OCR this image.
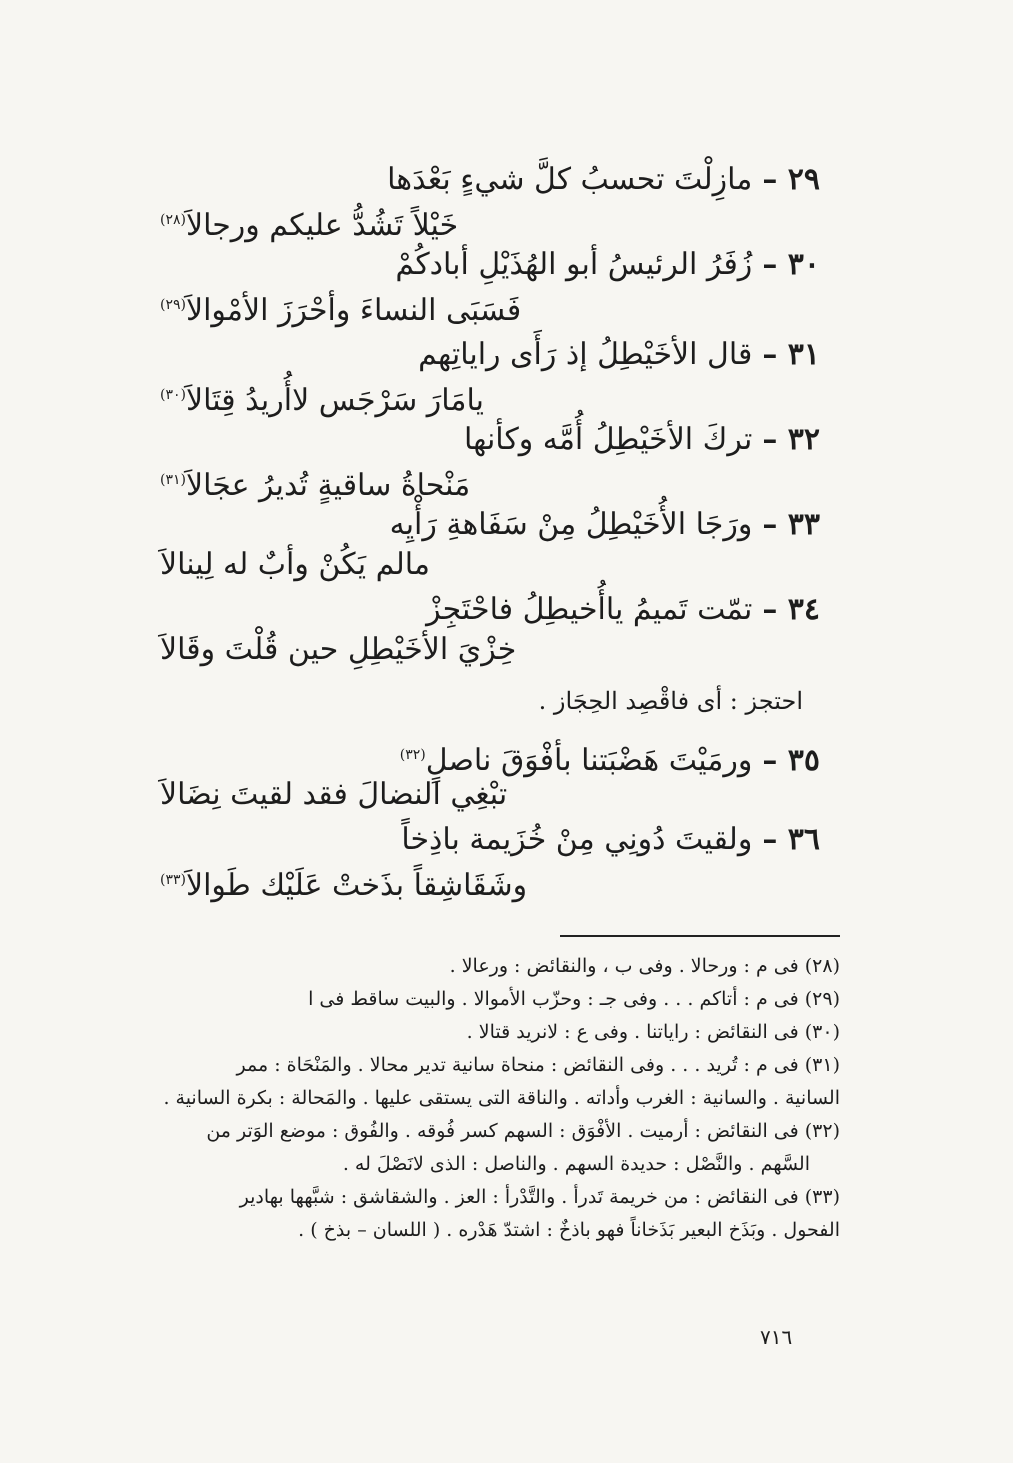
٢٩ –مازِلْتَ تحسبُ كلَّ شيءٍ بَعْدَها
خَيْلاً تَشُدُّ عليكم ورجالاَ$^{(٢٨)}$
٣٠ –زُفَرُ الرئيسُ أبو الهُذَيْلِ أبادكُمْ
فَسَبَى النساءَ وأحْرَزَ الأمْوالاَ$^{(٢٩)}$
٣١ –قال الأخَيْطِلُ إذ رَأَى راياتِهم
يامَارَ سَرْجَس لاأُريدُ قِتَالاَ$^{(٣٠)}$
٣٢ –تركَ الأخَيْطِلُ أُمَّه وكأنها
مَنْحاةُ ساقيةٍ تُديرُ عجَالاَ$^{(٣١)}$
٣٣ –ورَجَا الأُخَيْطِلُ مِنْ سَفَاهةِ رَأْيِه
مالم يَكُنْ وأبٌ له لِينالاَ
٣٤ –تمّت تَميمُ ياأُخيطِلُ فاحْتَجِزْ
خِزْيَ الأخَيْطِلِ حين قُلْتَ وقَالاَ
احتجز : أى فاقْصِد الحِجَاز .
٣٥ –ورمَيْتَ هَضْبَتنا بأفْوَقَ ناصلٍ$^{(٣٢)}$
تبْغِي النضالَ فقد لقيتَ نِضَالاَ
٣٦ –ولقيتَ دُونِي مِنْ خُزَيمة باذِخاً
وشَقَاشِقاً بذَختْ عَلَيْك طَوالاَ$^{(٣٣)}$
(٢٨) فى م : ورحالا . وفى ب ، والنقائض : ورعالا .
(٢٩) فى م : أتاكم . . . وفى جـ : وحزّب الأموالا . والبيت ساقط فى ا
(٣٠) فى النقائض : راياتنا . وفى ع : لانريد قتالا .
(٣١) فى م : تُريد . . . وفى النقائض : منحاة سانية تدير محالا . والمَنْحَاة : ممر
السانية . والسانية : الغرب وأداته . والناقة التى يستقى عليها . والمَحالة : بكرة السانية .
(٣٢) فى النقائض : أرميت . الأفْوَق : السهم كسر فُوقه . والفُوق : موضع الوَتر من
السَّهم . والنَّصْل : حديدة السهم . والناصل : الذى لانَصْلَ له .
(٣٣) فى النقائض : من خريمة تَدرأ . والتَّدْرأ : العز . والشقاشق : شبَّهها بهادير
الفحول . وبَذَخ البعير بَذَخاناً فهو باذخٌ : اشتدّ هَدْره . ( اللسان – بذخ ) .
٧١٦
